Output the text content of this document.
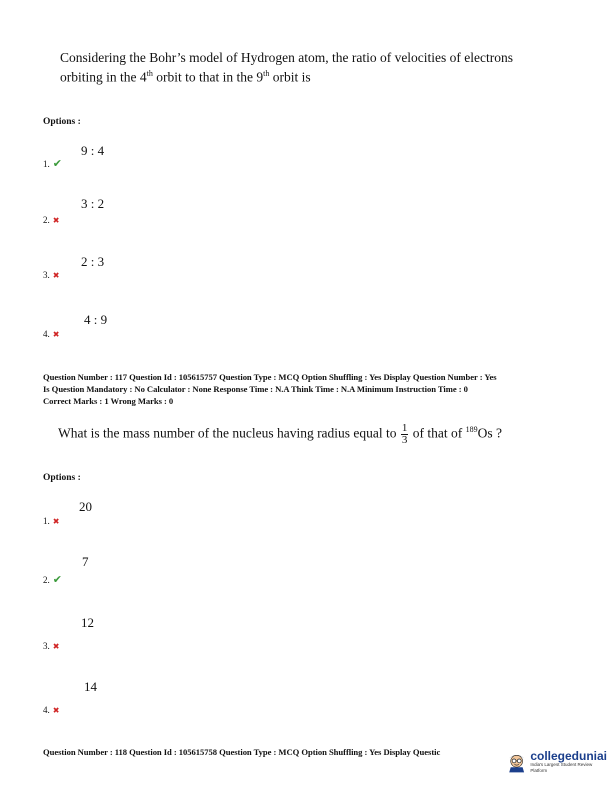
Considering the Bohr’s model of Hydrogen atom, the ratio of velocities of electrons
orbiting in the 4th orbit to that in the 9th orbit is
Options :
9 : 4
1. ✔
3 : 2
2. ✖
2 : 3
3. ✖
4 : 9
4. ✖
Question Number : 117 Question Id : 105615757 Question Type : MCQ Option Shuffling : Yes Display Question Number : Yes
Is Question Mandatory : No Calculator : None Response Time : N.A Think Time : N.A Minimum Instruction Time : 0
Correct Marks : 1 Wrong Marks : 0
What is the mass number of the nucleus having radius equal to $\frac{1}{3}$ of that of $^{189}$Os ?
Options :
20
1. ✖
7
2. ✔
12
3. ✖
14
4. ✖
Question Number : 118 Question Id : 105615758 Question Type : MCQ Option Shuffling : Yes Display Questic	collegeduniai
India's Largest Student Review Platform
